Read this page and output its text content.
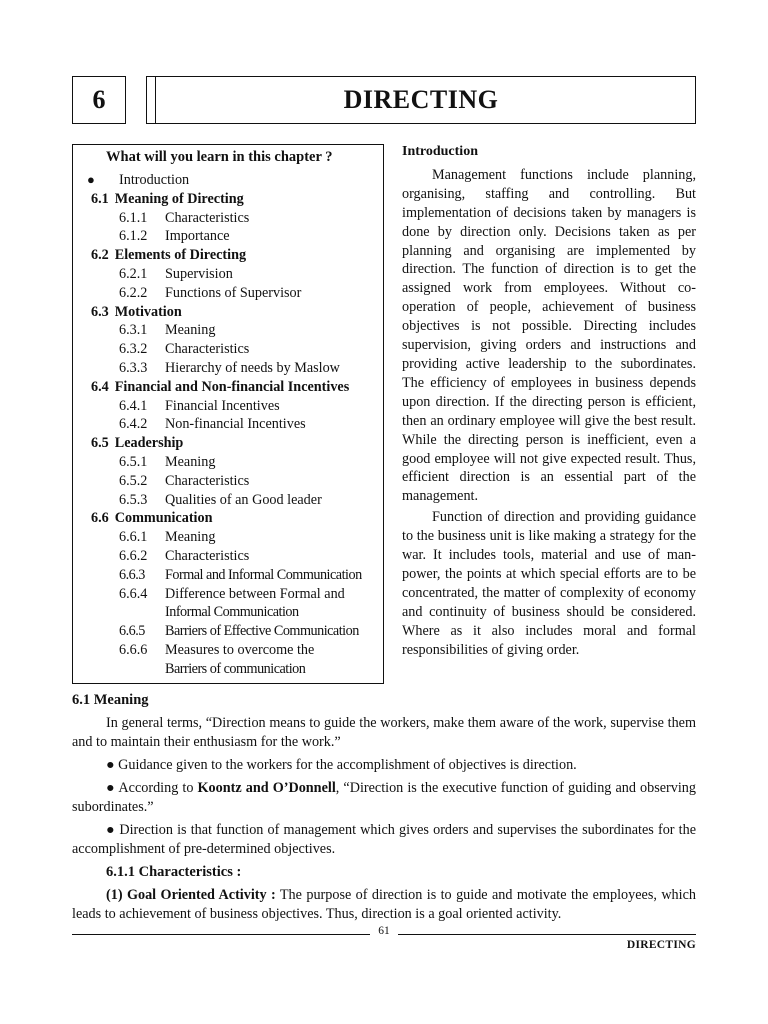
6	DIRECTING
What will you learn in this chapter ?
● Introduction
6.1 Meaning of Directing
6.1.1 Characteristics
6.1.2 Importance
6.2 Elements of Directing
6.2.1 Supervision
6.2.2 Functions of Supervisor
6.3 Motivation
6.3.1 Meaning
6.3.2 Characteristics
6.3.3 Hierarchy of needs by Maslow
6.4 Financial and Non-financial Incentives
6.4.1 Financial Incentives
6.4.2 Non-financial Incentives
6.5 Leadership
6.5.1 Meaning
6.5.2 Characteristics
6.5.3 Qualities of an Good leader
6.6 Communication
6.6.1 Meaning
6.6.2 Characteristics
6.6.3 Formal and Informal Communication
6.6.4 Difference between Formal and
Informal Communication
6.6.5 Barriers of Effective Communication
6.6.6 Measures to overcome the
Barriers of communication
Introduction

Management functions include planning, organising, staffing and controlling. But implementation of decisions taken by managers is done by direction only. Decisions taken as per planning and organising are implemented by direction. The function of direction is to get the assigned work from employees. Without co-operation of people, achievement of business objectives is not possible. Directing includes supervision, giving orders and instructions and providing active leadership to the subordinates. The efficiency of employees in business depends upon direction. If the directing person is efficient, then an ordinary employee will give the best result. While the directing person is inefficient, even a good employee will not give expected result. Thus, efficient direction is an essential part of the management.

Function of direction and providing guidance to the business unit is like making a strategy for the war. It includes tools, material and use of man-power, the points at which special efforts are to be concentrated, the matter of complexity of economy and continuity of business should be considered. Where as it also includes moral and formal responsibilities of giving order.

6.1 Meaning

In general terms, “Direction means to guide the workers, make them aware of the work, supervise them and to maintain their enthusiasm for the work.”

● Guidance given to the workers for the accomplishment of objectives is direction.

● According to Koontz and O’Donnell, “Direction is the executive function of guiding and observing subordinates.”

● Direction is that function of management which gives orders and supervises the subordinates for the accomplishment of pre-determined objectives.

6.1.1 Characteristics :

(1) Goal Oriented Activity : The purpose of direction is to guide and motivate the employees, which leads to achievement of business objectives. Thus, direction is a goal oriented activity.

61
DIRECTING
